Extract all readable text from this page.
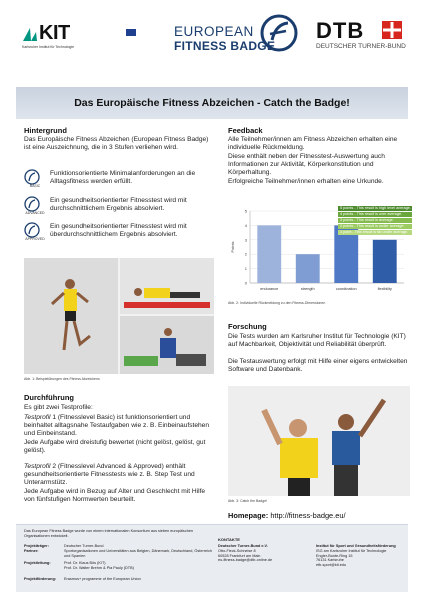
KIT
Karlsruher Institut für Technologie
EUROPEAN
FITNESS BADGE
DTB
DEUTSCHER TURNER-BUND
Das Europäische Fitness Abzeichen - Catch the Badge!
Hintergrund
Das Europäische Fitness Abzeichen (European Fitness Badge) ist eine Auszeichnung, die in 3 Stufen verliehen wird.
BASIC
Funktionsorientierte Minimalanforderungen an die Alltagsfitness werden erfüllt.
ADVANCED
Ein gesundheitsorientierter Fitnesstest wird mit durchschnittlichem Ergebnis absolviert.
APPROVED
Ein gesundheitsorientierter Fitnesstest wird mit überdurchschnittlichem Ergebnis absolviert.
Abb. 1: Beispielübungen des Fitness Abzeichens
Durchführung
Es gibt zwei Testprofile:
Testprofil 1 (Fitnesslevel Basic) ist funktionsorientiert und beinhaltet alltagsnahe Testaufgaben wie z. B. Einbeinaufstehen und Einbeinstand.
Jede Aufgabe wird dreistufig bewertet (nicht gelöst, gelöst, gut gelöst).
Testprofil 2 (Fitnesslevel Advanced & Approved) enthält gesundheitsorientierte Fitnesstests wie z. B. Step Test und Unterarmstütz.
Jede Aufgabe wird in Bezug auf Alter und Geschlecht mit Hilfe von fünfstufigen Normwerten beurteilt.
Feedback
Alle Teilnehmer/innen am Fitness Abzeichen erhalten eine individuelle Rückmeldung.
Diese enthält neben der Fitnesstest-Auswertung auch Informationen zur Aktivität, Körperkonstitution und Körperhaltung.
Erfolgreiche Teilnehmer/innen erhalten eine Urkunde.
0
1
2
3
4
5
Points
endurance	strength	coordination	flexibility
5 points - This result is high level average.
4 points - This result is over average.
3 points - This result is average.
2 points - This result is under average.
1 point - This result is far under average.
Abb. 2: Individuelle Rückmeldung zu den Fitness-Dimensionen
Forschung
Die Tests wurden am Karlsruher Institut für Technologie (KIT) auf Machbarkeit, Objektivität und Reliabilität überprüft.
Die Testauswertung erfolgt mit Hilfe einer eigens entwickelten Software und Datenbank.
Abb. 3: Catch the Badge!
Homepage: http://fitness-badge.eu/
Das European Fitness Badge wurde von einem internationalen Konsortium aus sieben europäischen Organisationen entwickelt.
Projektträger:	Deutscher Turner-Bund
Partner:	Sportorganisationen und Universitäten aus Belgien, Dänemark, Deutschland, Österreich und Spanien
Projektleitung:	Prof. Dr. Klaus Bös (KIT)
Prof. Dr. Walter Brehm & Pia Pauly (DTB)
Projektförderung: Erasmus+ programme of the European Union
KONTAKTE
Deutscher Turner-Bund e.V.
Otto-Fleck-Schneise 8
60528 Frankfurt am Main
eu-fitness-badge@dtb-online.de
Institut für Sport und Gesundheitsförderung
ISG am Karlsruher Institut für Technologie
Engler-Bunte-Ring 15
76131 Karlsruhe
efb-sport@kit.edu
